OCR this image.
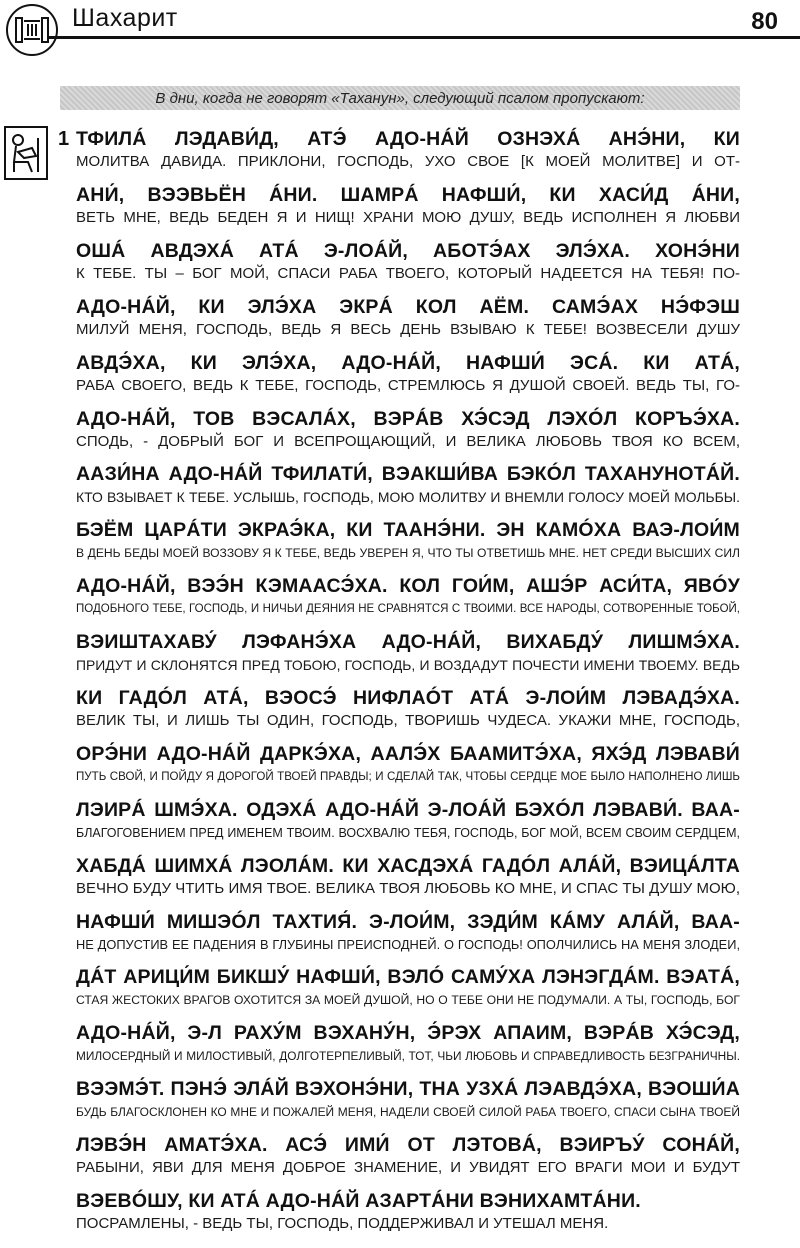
Шахарит	80
В дни, когда не говорят «Таханун», следующий псалом пропускают:
1 ТФИЛÁ ЛЭДАВИ́Д, АТЭ́ АДО-НÁЙ ОЗНЭХÁ АНЭ́НИ, КИ
МОЛИТВА ДАВИДА. ПРИКЛОНИ, ГОСПОДЬ, УХО СВОЕ [К МОЕЙ МОЛИТВЕ] И ОТ-
АНИ́, ВЭЭВЬЁН ÁНИ. ШАМРÁ НАФШИ́, КИ ХАСИ́Д ÁНИ,
ВЕТЬ МНЕ, ВЕДЬ БЕДЕН Я И НИЩ! ХРАНИ МОЮ ДУШУ, ВЕДЬ ИСПОЛНЕН Я ЛЮБВИ
ОШÁ АВДЭХÁ АТÁ Э-ЛОÁЙ, АБОТЭ́АХ ЭЛЭ́ХА. ХОНЭ́НИ
К ТЕБЕ. ТЫ – БОГ МОЙ, СПАСИ РАБА ТВОЕГО, КОТОРЫЙ НАДЕЕТСЯ НА ТЕБЯ! ПО-
АДО-НÁЙ, КИ ЭЛЭ́ХА ЭКРÁ КОЛ АЁМ. САМЭ́АХ НЭ́ФЭШ
МИЛУЙ МЕНЯ, ГОСПОДЬ, ВЕДЬ Я ВЕСЬ ДЕНЬ ВЗЫВАЮ К ТЕБЕ! ВОЗВЕСЕЛИ ДУШУ
АВДЭ́ХА, КИ ЭЛЭ́ХА, АДО-НÁЙ, НАФШИ́ ЭСÁ. КИ АТÁ,
РАБА СВОЕГО, ВЕДЬ К ТЕБЕ, ГОСПОДЬ, СТРЕМЛЮСЬ Я ДУШОЙ СВОЕЙ. ВЕДЬ ТЫ, ГО-
АДО-НÁЙ, ТОВ ВЭСАЛÁХ, ВЭРÁВ ХЭ́СЭД ЛЭХÓЛ КОРЪЭ́ХА.
СПОДЬ, - ДОБРЫЙ БОГ И ВСЕПРОЩАЮЩИЙ, И ВЕЛИКА ЛЮБОВЬ ТВОЯ КО ВСЕМ,
ААЗИ́НА АДО-НÁЙ ТФИЛАТИ́, ВЭАКШИ́ВА БЭКÓЛ ТАХАНУНОТÁЙ.
КТО ВЗЫВАЕТ К ТЕБЕ. УСЛЫШЬ, ГОСПОДЬ, МОЮ МОЛИТВУ И ВНЕМЛИ ГОЛОСУ МОЕЙ МОЛЬБЫ.
БЭЁМ ЦАРÁТИ ЭКРАЭ́КА, КИ ТААНЭ́НИ. ЭН КАМÓХА ВАЭ-ЛОИ́М
В ДЕНЬ БЕДЫ МОЕЙ ВОЗЗОВУ Я К ТЕБЕ, ВЕДЬ УВЕРЕН Я, ЧТО ТЫ ОТВЕТИШЬ МНЕ. НЕТ СРЕДИ ВЫСШИХ СИЛ
АДО-НÁЙ, ВЭЭ́Н КЭМААСЭ́ХА. КОЛ ГОИ́М, АШЭ́Р АСИ́ТА, ЯВÓУ
ПОДОБНОГО ТЕБЕ, ГОСПОДЬ, И НИЧЬИ ДЕЯНИЯ НЕ СРАВНЯТСЯ С ТВОИМИ. ВСЕ НАРОДЫ, СОТВОРЕННЫЕ ТОБОЙ,
ВЭИШТАХАВУ́ ЛЭФАНЭ́ХА АДО-НÁЙ, ВИХАБДУ́ ЛИШМЭ́ХА.
ПРИДУТ И СКЛОНЯТСЯ ПРЕД ТОБОЮ, ГОСПОДЬ, И ВОЗДАДУТ ПОЧЕСТИ ИМЕНИ ТВОЕМУ. ВЕДЬ
КИ ГАДÓЛ АТÁ, ВЭОСЭ́ НИФЛАÓТ АТÁ Э-ЛОИ́М ЛЭВАДЭ́ХА.
ВЕЛИК ТЫ, И ЛИШЬ ТЫ ОДИН, ГОСПОДЬ, ТВОРИШЬ ЧУДЕСА. УКАЖИ МНЕ, ГОСПОДЬ,
ОРЭ́НИ АДО-НÁЙ ДАРКЭ́ХА, ААЛЭ́Х БААМИТЭ́ХА, ЯХЭ́Д ЛЭВАВИ́
ПУТЬ СВОЙ, И ПОЙДУ Я ДОРОГОЙ ТВОЕЙ ПРАВДЫ; И СДЕЛАЙ ТАК, ЧТОБЫ СЕРДЦЕ МОЕ БЫЛО НАПОЛНЕНО ЛИШЬ
ЛЭИРÁ ШМЭ́ХА. ОДЭХÁ АДО-НÁЙ Э-ЛОÁЙ БЭХÓЛ ЛЭВАВИ́. ВАА-
БЛАГОГОВЕНИЕМ ПРЕД ИМЕНЕМ ТВОИМ. ВОСХВАЛЮ ТЕБЯ, ГОСПОДЬ, БОГ МОЙ, ВСЕМ СВОИМ СЕРДЦЕМ,
ХАБДÁ ШИМХÁ ЛЭОЛÁМ. КИ ХАСДЭХÁ ГАДÓЛ АЛÁЙ, ВЭИЦÁЛТА
ВЕЧНО БУДУ ЧТИТЬ ИМЯ ТВОЕ. ВЕЛИКА ТВОЯ ЛЮБОВЬ КО МНЕ, И СПАС ТЫ ДУШУ МОЮ,
НАФШИ́ МИШЭÓЛ ТАХТИЯ́. Э-ЛОИ́М, ЗЭДИ́М КÁМУ АЛÁЙ, ВАА-
НЕ ДОПУСТИВ ЕЕ ПАДЕНИЯ В ГЛУБИНЫ ПРЕИСПОДНЕЙ. О ГОСПОДЬ! ОПОЛЧИЛИСЬ НА МЕНЯ ЗЛОДЕИ,
ДÁТ АРИЦИ́М БИКШУ́ НАФШИ́, ВЭЛÓ САМУ́ХА ЛЭНЭГДÁМ. ВЭАТÁ,
СТАЯ ЖЕСТОКИХ ВРАГОВ ОХОТИТСЯ ЗА МОЕЙ ДУШОЙ, НО О ТЕБЕ ОНИ НЕ ПОДУМАЛИ. А ТЫ, ГОСПОДЬ, БОГ
АДО-НÁЙ, Э-Л РАХУ́М ВЭХАНУ́Н, Э́РЭХ АПАИМ, ВЭРÁВ ХЭ́СЭД,
МИЛОСЕРДНЫЙ И МИЛОСТИВЫЙ, ДОЛГОТЕРПЕЛИВЫЙ, ТОТ, ЧЬИ ЛЮБОВЬ И СПРАВЕДЛИВОСТЬ БЕЗГРАНИЧНЫ.
ВЭЭМЭ́Т. ПЭНЭ́ ЭЛÁЙ ВЭХОНЭ́НИ, ТНА УЗХÁ ЛЭАВДЭ́ХА, ВЭОШИ́А
БУДЬ БЛАГОСКЛОНЕН КО МНЕ И ПОЖАЛЕЙ МЕНЯ, НАДЕЛИ СВОЕЙ СИЛОЙ РАБА ТВОЕГО, СПАСИ СЫНА ТВОЕЙ
ЛЭВЭ́Н АМАТЭ́ХА. АСЭ́ ИМИ́ ОТ ЛЭТОВÁ, ВЭИРЪУ́ СОНÁЙ,
РАБЫНИ, ЯВИ ДЛЯ МЕНЯ ДОБРОЕ ЗНАМЕНИЕ, И УВИДЯТ ЕГО ВРАГИ МОИ И БУДУТ
ВЭЕВÓШУ, КИ АТÁ АДО-НÁЙ АЗАРТÁНИ ВЭНИХАМТÁНИ.
ПОСРАМЛЕНЫ, - ВЕДЬ ТЫ, ГОСПОДЬ, ПОДДЕРЖИВАЛ И УТЕШАЛ МЕНЯ.
